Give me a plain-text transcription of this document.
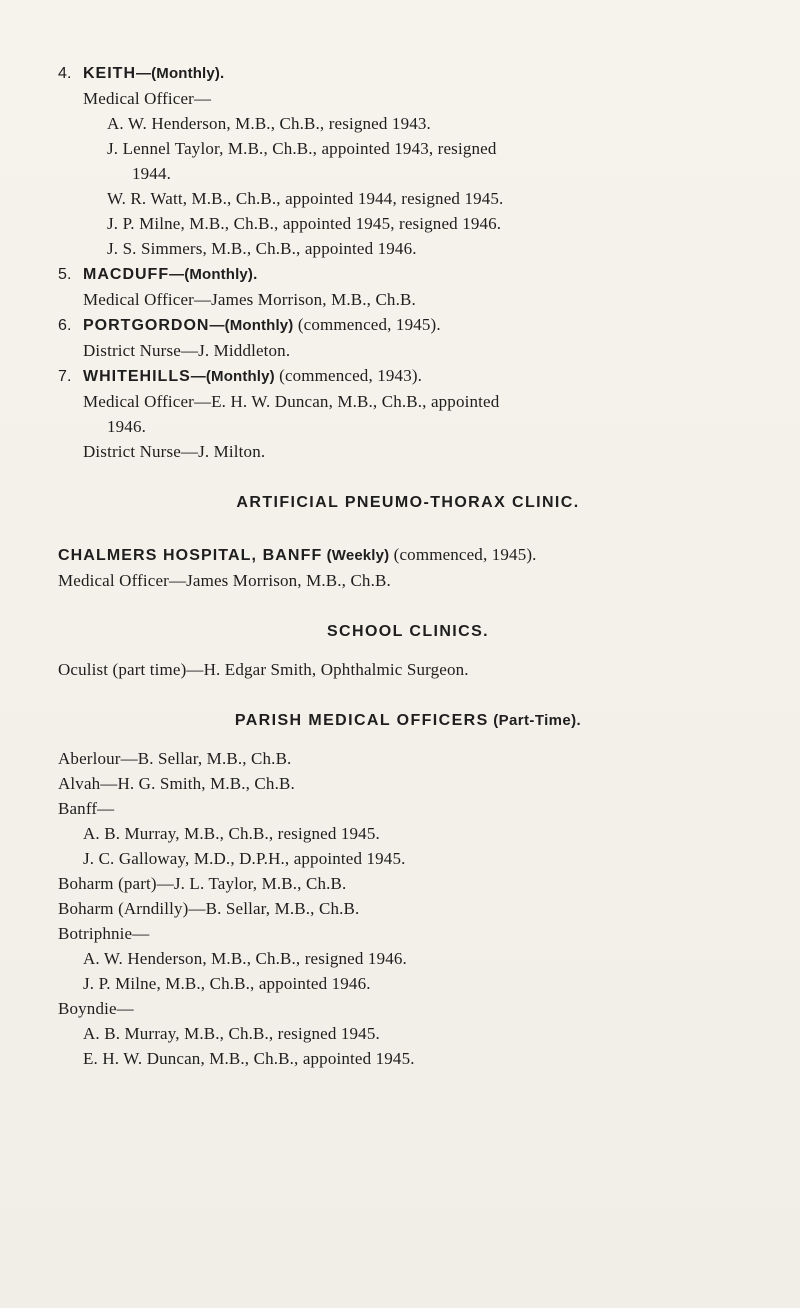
4. KEITH—(Monthly).
Medical Officer—
A. W. Henderson, M.B., Ch.B., resigned 1943.
J. Lennel Taylor, M.B., Ch.B., appointed 1943, resigned
1944.
W. R. Watt, M.B., Ch.B., appointed 1944, resigned 1945.
J. P. Milne, M.B., Ch.B., appointed 1945, resigned 1946.
J. S. Simmers, M.B., Ch.B., appointed 1946.
5. MACDUFF—(Monthly).
Medical Officer—James Morrison, M.B., Ch.B.
6. PORTGORDON—(Monthly) (commenced, 1945).
District Nurse—J. Middleton.
7. WHITEHILLS—(Monthly) (commenced, 1943).
Medical Officer—E. H. W. Duncan, M.B., Ch.B., appointed
1946.
District Nurse—J. Milton.
ARTIFICIAL PNEUMO-THORAX CLINIC.
CHALMERS HOSPITAL, BANFF (Weekly) (commenced, 1945).
Medical Officer—James Morrison, M.B., Ch.B.
SCHOOL CLINICS.
Oculist (part time)—H. Edgar Smith, Ophthalmic Surgeon.
PARISH MEDICAL OFFICERS (Part-Time).
Aberlour—B. Sellar, M.B., Ch.B.
Alvah—H. G. Smith, M.B., Ch.B.
Banff—
A. B. Murray, M.B., Ch.B., resigned 1945.
J. C. Galloway, M.D., D.P.H., appointed 1945.
Boharm (part)—J. L. Taylor, M.B., Ch.B.
Boharm (Arndilly)—B. Sellar, M.B., Ch.B.
Botriphnie—
A. W. Henderson, M.B., Ch.B., resigned 1946.
J. P. Milne, M.B., Ch.B., appointed 1946.
Boyndie—
A. B. Murray, M.B., Ch.B., resigned 1945.
E. H. W. Duncan, M.B., Ch.B., appointed 1945.
